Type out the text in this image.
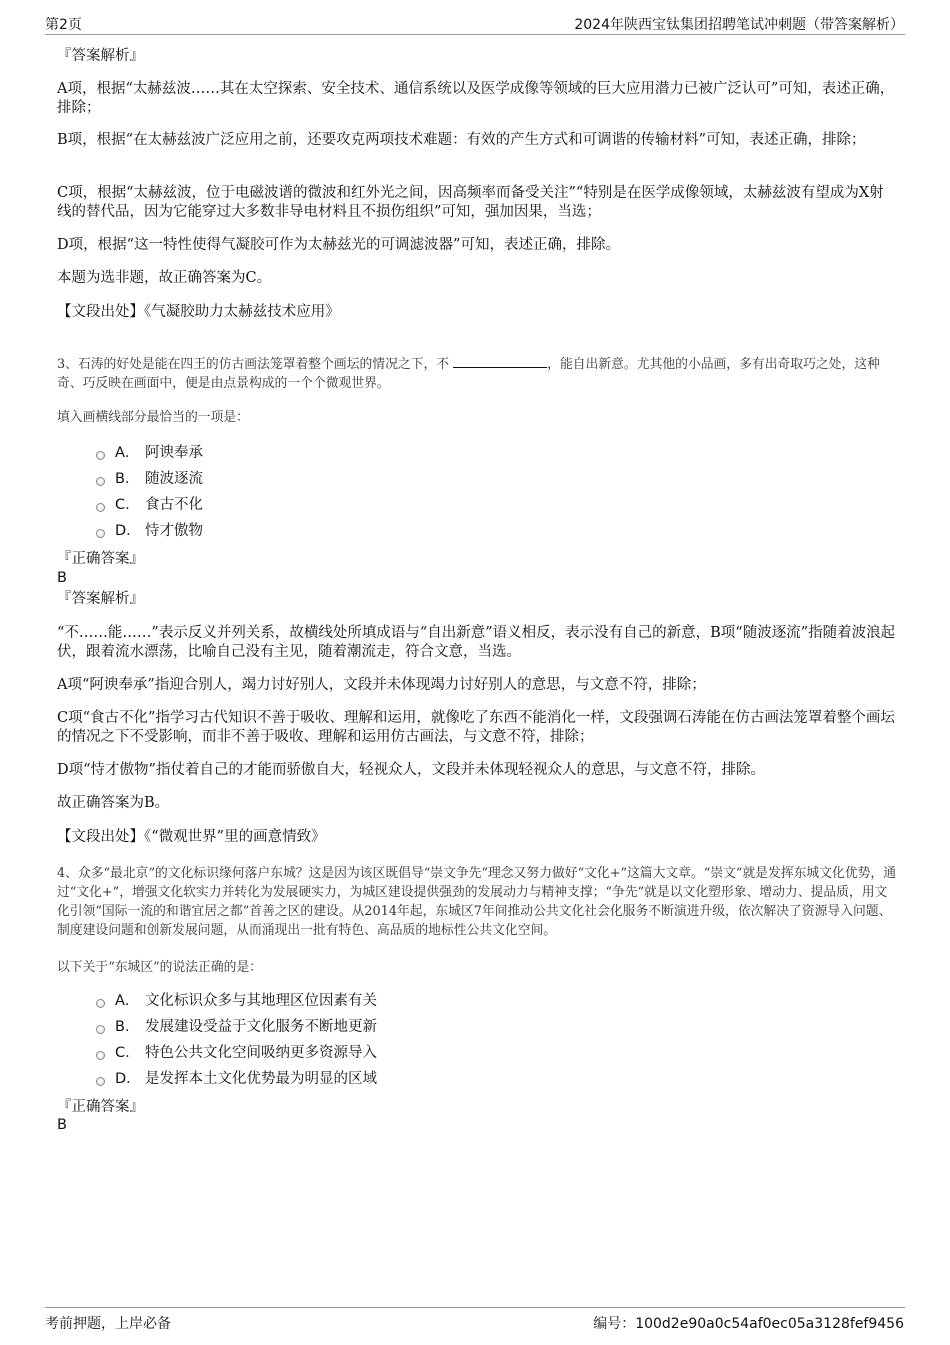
第2页	2024年陕西宝钛集团招聘笔试冲刺题（带答案解析）
『答案解析』
A项，根据“太赫兹波……其在太空探索、安全技术、通信系统以及医学成像等领域的巨大应用潜力已被广泛认可”可知，表述正确，排除；
B项，根据“在太赫兹波广泛应用之前，还要攻克两项技术难题：有效的产生方式和可调谐的传输材料”可知，表述正确，排除；
C项，根据“太赫兹波，位于电磁波谱的微波和红外光之间，因高频率而备受关注”“特别是在医学成像领域，太赫兹波有望成为X射线的替代品，因为它能穿过大多数非导电材料且不损伤组织”可知，强加因果，当选；
D项，根据“这一特性使得气凝胶可作为太赫兹光的可调滤波器”可知，表述正确，排除。
本题为选非题，故正确答案为C。
【文段出处】《气凝胶助力太赫兹技术应用》
3、石涛的好处是能在四王的仿古画法笼罩着整个画坛的情况之下，不	，能自出新意。尤其他的小品画，多有出奇取巧之处，这种奇、巧反映在画面中，便是由点景构成的一个个微观世界。
填入画横线部分最恰当的一项是：
A． 阿谀奉承
B． 随波逐流
C． 食古不化
D． 恃才傲物
『正确答案』
B
『答案解析』
“不……能……”表示反义并列关系，故横线处所填成语与“自出新意”语义相反，表示没有自己的新意，B项“随波逐流”指随着波浪起伏，跟着流水漂荡，比喻自己没有主见，随着潮流走，符合文意，当选。
A项“阿谀奉承”指迎合别人，竭力讨好别人，文段并未体现竭力讨好别人的意思，与文意不符，排除；
C项“食古不化”指学习古代知识不善于吸收、理解和运用，就像吃了东西不能消化一样，文段强调石涛能在仿古画法笼罩着整个画坛的情况之下不受影响，而非不善于吸收、理解和运用仿古画法，与文意不符，排除；
D项“恃才傲物”指仗着自己的才能而骄傲自大，轻视众人，文段并未体现轻视众人的意思，与文意不符，排除。
故正确答案为B。
【文段出处】《“微观世界”里的画意情致》
4、众多“最北京”的文化标识缘何落户东城？这是因为该区既倡导“崇文争先”理念又努力做好“文化+”这篇大文章。“崇文”就是发挥东城文化优势，通过“文化+”，增强文化软实力并转化为发展硬实力，为城区建设提供强劲的发展动力与精神支撑；“争先”就是以文化塑形象、增动力、提品质，用文化引领“国际一流的和谐宜居之都”首善之区的建设。从2014年起，东城区7年间推动公共文化社会化服务不断演进升级，依次解决了资源导入问题、制度建设问题和创新发展问题，从而涌现出一批有特色、高品质的地标性公共文化空间。
以下关于“东城区”的说法正确的是：
A． 文化标识众多与其地理区位因素有关
B． 发展建设受益于文化服务不断地更新
C． 特色公共文化空间吸纳更多资源导入
D． 是发挥本土文化优势最为明显的区域
『正确答案』
B
考前押题，上岸必备	编号：100d2e90a0c54af0ec05a3128fef9456
